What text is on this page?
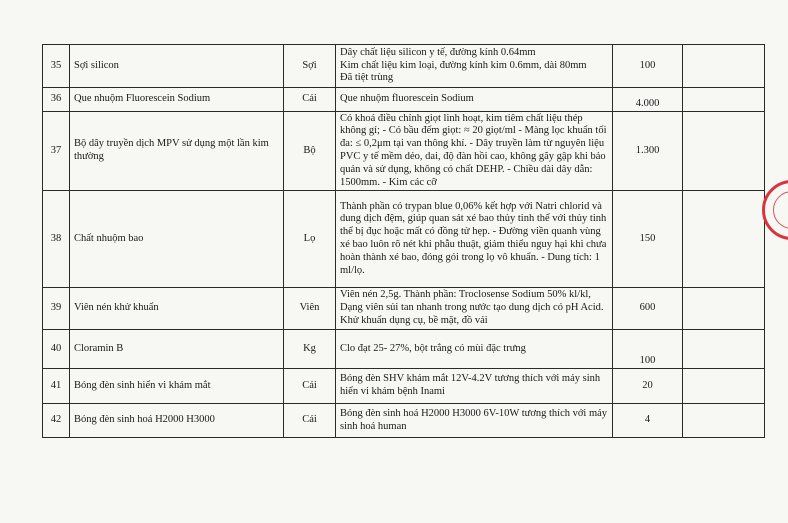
35	Sợi silicon	Sợi	Dây chất liệu silicon y tế, đường kính 0.64mm
Kim chất liệu kim loại, đường kính kim 0.6mm, dài 80mm
Đã tiệt trùng	100	
36	Que nhuộm Fluorescein Sodium	Cái	Que nhuộm fluorescein Sodium	4.000	
37	Bộ dây truyền dịch MPV sử dụng một lần kim thường	Bộ	Có khoá điều chỉnh giọt linh hoạt, kim tiêm chất liệu thép không gỉ; - Có bầu đếm giọt: ≈ 20 giọt/ml - Màng lọc khuẩn tối đa: ≤ 0,2μm tại van thông khí. - Dây truyền làm từ nguyên liệu PVC y tế mềm dẻo, dai, độ đàn hồi cao, không gãy gập khi bảo quản và sử dụng, không có chất DEHP. - Chiều dài dây dẫn: 1500mm. - Kim các cỡ	1.300	
38	Chất nhuộm bao	Lọ	Thành phần có trypan blue 0,06% kết hợp với Natri chlorid và dung dịch đệm, giúp quan sát xé bao thủy tinh thể với thủy tinh thể bị đục hoặc mất có đồng tử hẹp. - Đường viền quanh vùng xé bao luôn rõ nét khi phẫu thuật, giảm thiểu nguy hại khi chưa hoàn thành xé bao, đóng gói trong lọ vô khuẩn. - Dung tích: 1 ml/lọ.	150	
39	Viên nén khử khuẩn	Viên	Viên nén 2,5g. Thành phần: Troclosense Sodium 50% kl/kl,
Dạng viên sủi tan nhanh trong nước tạo dung dịch có pH Acid.
Khử khuẩn dụng cụ, bề mặt, đồ vải	600	
40	Cloramin B	Kg	Clo đạt 25- 27%, bột trắng có mùi đặc trưng	100	
41	Bóng đèn sinh hiển vi khám mắt	Cái	Bóng đèn SHV khám mắt 12V-4.2V tương thích với máy sinh hiển vi khám bệnh Inami	20	
42	Bóng đèn sinh hoá H2000 H3000	Cái	Bóng đèn sinh hoá H2000 H3000 6V-10W tương thích với máy sinh hoá human	4	
